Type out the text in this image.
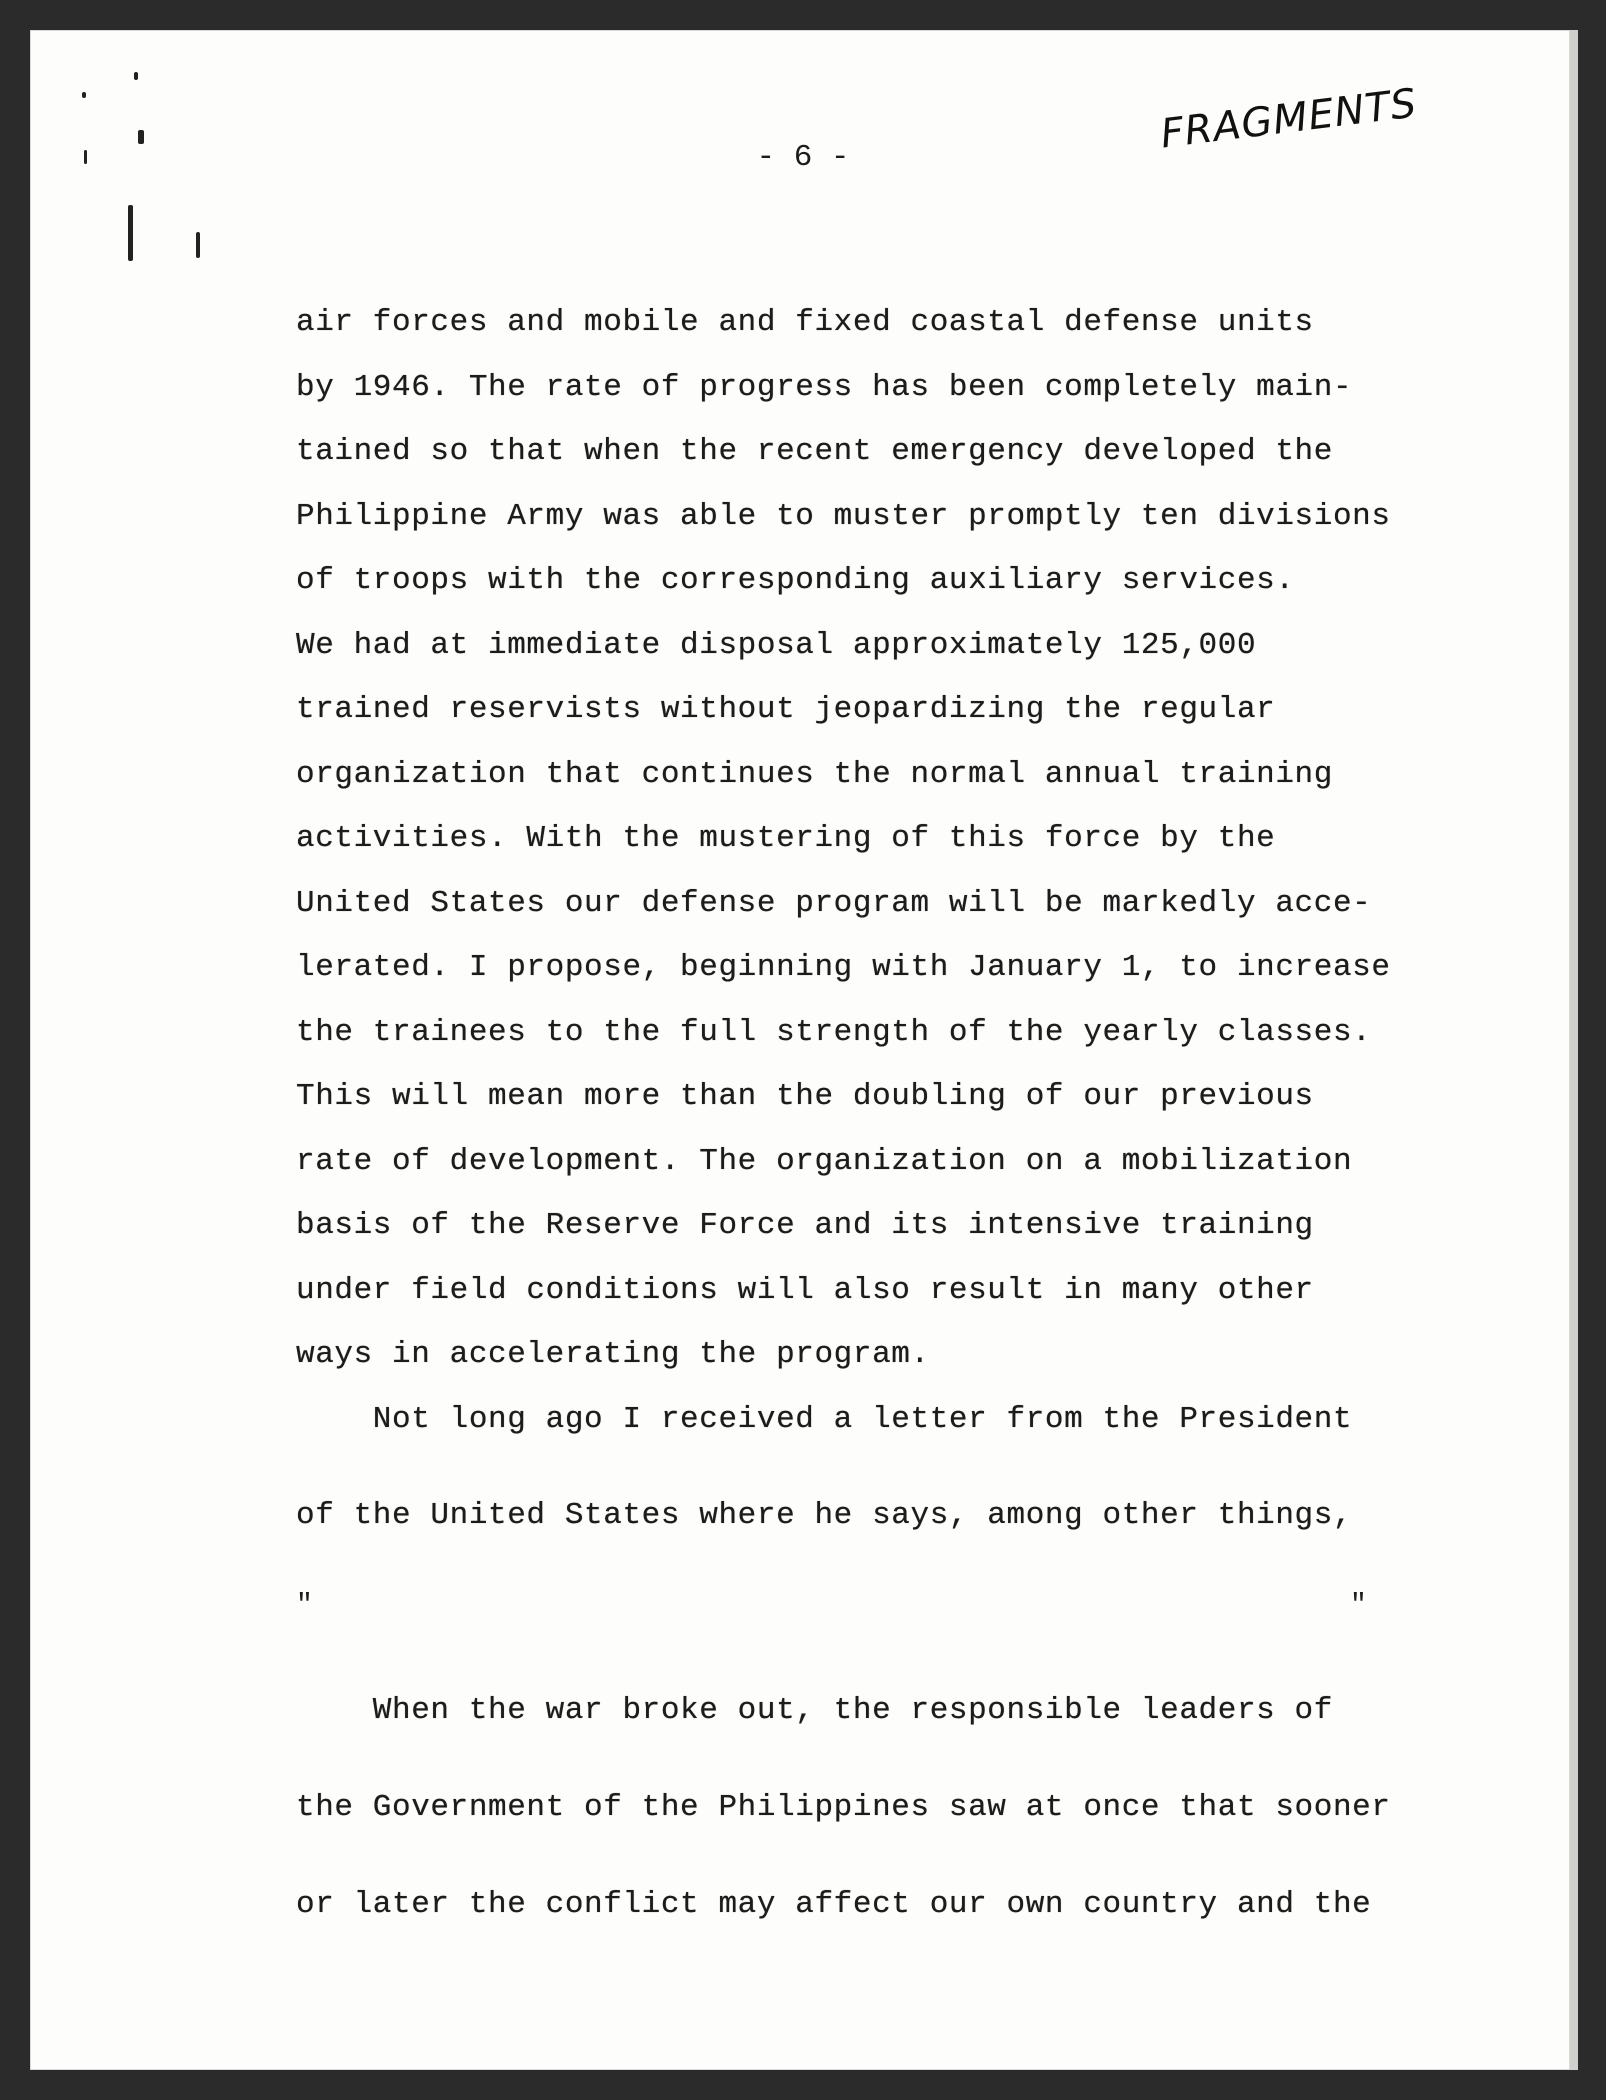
FRAGMENTS
- 6 -
air forces and mobile and fixed coastal defense units
by 1946. The rate of progress has been completely main-
tained so that when the recent emergency developed the
Philippine Army was able to muster promptly ten divisions
of troops with the corresponding auxiliary services.
We had at immediate disposal approximately 125,000
trained reservists without jeopardizing the regular
organization that continues the normal annual training
activities. With the mustering of this force by the
United States our defense program will be markedly acce-
lerated. I propose, beginning with January 1, to increase
the trainees to the full strength of the yearly classes.
This will mean more than the doubling of our previous
rate of development. The organization on a mobilization
basis of the Reserve Force and its intensive training
under field conditions will also result in many other
ways in accelerating the program.
Not long ago I received a letter from the President
of the United States where he says, among other things,
"	"
When the war broke out, the responsible leaders of
the Government of the Philippines saw at once that sooner
or later the conflict may affect our own country and the
